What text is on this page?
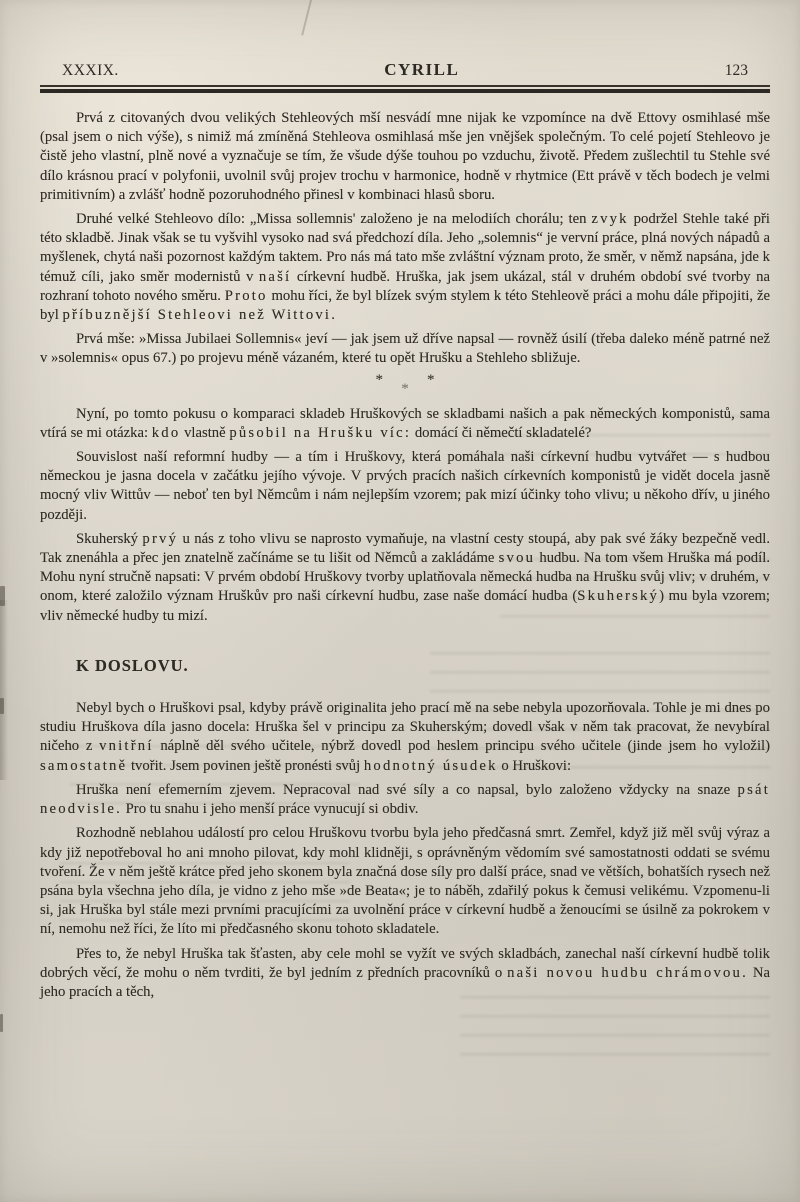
XXXIX.	CYRILL	123

Prvá z citovaných dvou velikých Stehleových mší nesvádí mne nijak ke vzpomínce na dvě Ettovy osmihlasé mše (psal jsem o nich výše), s nimiž má zmíněná Stehleova osmihlasá mše jen vnějšek společným. To celé pojetí Stehleovo je čistě jeho vlastní, plně nové a vyznačuje se tím, že všude dýše touhou po vzduchu, životě. Předem zušlechtil tu Stehle své dílo krásnou prací v polyfonii, uvolnil svůj projev trochu v harmonice, hodně v rhytmice (Ett právě v těch bodech je velmi primitivním) a zvlášť hodně pozoruhodného přinesl v kombinaci hlasů sboru.

Druhé velké Stehleovo dílo: „Missa sollemnis' založeno je na melodiích chorálu; ten zvyk podržel Stehle také při této skladbě. Jinak však se tu vyšvihl vysoko nad svá předchozí díla. Jeho „solemnis“ je vervní práce, plná nových nápadů a myšlenek, chytá naši pozornost každým taktem. Pro nás má tato mše zvláštní význam proto, že směr, v němž napsána, jde k témuž cíli, jako směr modernistů v naší církevní hudbě. Hruška, jak jsem ukázal, stál v druhém období své tvorby na rozhraní tohoto nového směru. Proto mohu říci, že byl blízek svým stylem k této Stehleově práci a mohu dále připojiti, že byl příbuznější Stehleovi než Wittovi.

Prvá mše: »Missa Jubilaei Sollemnis« jeví — jak jsem už dříve napsal — rovněž úsilí (třeba daleko méně patrné než v »solemnis« opus 67.) po projevu méně vázaném, které tu opět Hrušku a Stehleho sbližuje.

*	*
*

Nyní, po tomto pokusu o komparaci skladeb Hruškových se skladbami našich a pak německých komponistů, sama vtírá se mi otázka: kdo vlastně působil na Hrušku víc: domácí či němečtí skladatelé?

Souvislost naší reformní hudby — a tím i Hruškovy, která pomáhala naši církevní hudbu vytvářet — s hudbou německou je jasna docela v začátku jejího vývoje. V prvých pracích našich církevních komponistů je vidět docela jasně mocný vliv Wittův — neboť ten byl Němcům i nám nejlepším vzorem; pak mizí účinky toho vlivu; u někoho dřív, u jiného později.

Skuherský prvý u nás z toho vlivu se naprosto vymaňuje, na vlastní cesty stoupá, aby pak své žáky bezpečně vedl. Tak znenáhla a přec jen znatelně začínáme se tu lišit od Němců a zakládáme svou hudbu. Na tom všem Hruška má podíl. Mohu nyní stručně napsati: V prvém období Hruškovy tvorby uplatňovala německá hudba na Hrušku svůj vliv; v druhém, v onom, které založilo význam Hruškův pro naši církevní hudbu, zase naše domácí hudba (Skuherský) mu byla vzorem; vliv německé hudby tu mizí.

K DOSLOVU.

Nebyl bych o Hruškovi psal, kdyby právě originalita jeho prací mě na sebe nebyla upozorňovala. Tohle je mi dnes po studiu Hruškova díla jasno docela: Hruška šel v principu za Skuherským; dovedl však v něm tak pracovat, že nevybíral ničeho z vnitřní náplně děl svého učitele, nýbrž dovedl pod heslem principu svého učitele (jinde jsem ho vyložil) samostatně tvořit. Jsem povinen ještě pronésti svůj hodnotný úsudek o Hruškovi:

Hruška není efemerním zjevem. Nepracoval nad své síly a co napsal, bylo založeno vždycky na snaze psát neodvisle. Pro tu snahu i jeho menší práce vynucují si obdiv.

Rozhodně neblahou událostí pro celou Hruškovu tvorbu byla jeho předčasná smrt. Zemřel, když již měl svůj výraz a kdy již nepotřeboval ho ani mnoho pilovat, kdy mohl klidněji, s oprávněným vědomím své samostatnosti oddati se svému tvoření. Že v něm ještě krátce před jeho skonem byla značná dose síly pro další práce, snad ve větších, bohatších rysech než psána byla všechna jeho díla, je vidno z jeho mše »de Beata«; je to náběh, zdařilý pokus k čemusi velikému. Vzpomenu-li si, jak Hruška byl stále mezi prvními pracujícími za uvolnění práce v církevní hudbě a ženoucími se úsilně za pokrokem v ní, nemohu než říci, že líto mi předčasného skonu tohoto skladatele.

Přes to, že nebyl Hruška tak šťasten, aby cele mohl se vyžít ve svých skladbách, zanechal naší církevní hudbě tolik dobrých věcí, že mohu o něm tvrditi, že byl jedním z předních pracovníků o naši novou hudbu chrámovou. Na jeho pracích a těch,
